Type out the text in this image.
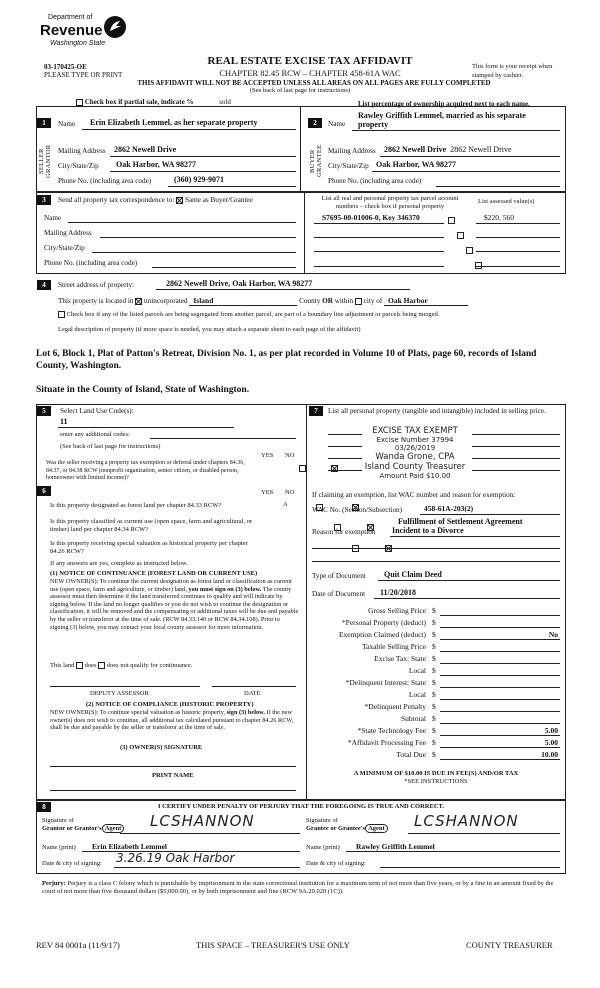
Department of
Revenue
Washington State
03-170425-OE
PLEASE TYPE OR PRINT
REAL ESTATE EXCISE TAX AFFIDAVIT
CHAPTER 82.45 RCW – CHAPTER 458-61A WAC
THIS AFFIDAVIT WILL NOT BE ACCEPTED UNLESS ALL AREAS ON ALL PAGES ARE FULLY COMPLETED
(See back of last page for instructions)
This form is your receipt when stamped by cashier.
Check box if partial sale, indicate %	sold	List percentage of ownership acquired next to each name.
1
SELLER GRANTOR
Name	Erin Elizabeth Lemmel, as her separate property
Mailing Address	2862 Newell Drive
City/State/Zip	Oak Harbor, WA 98277
Phone No. (including area code)	(360) 929-9071
2
BUYER GRANTEE
Name
Rawley Griffith Lemmel, married as his separate
property
Mailing Address	2862 Newell Drive 2862 Newell Drive
City/State/Zip Oak Harbor, WA 98277
Phone No. (including area code)
3	Send all property tax correspondence to: Same as Buyer/Grantee
Name
Mailing Address
City/State/Zip
Phone No. (including area code)
List all real and personal property tax parcel account numbers – check box if personal property
List assessed value(s)
S7695-00-01006-0, Key 346370
	$220, 560

4	Street address of property:	2862 Newell Drive, Oak Harbor, WA 98277
This property is located in unincorporated Island	County OR within city of Oak Harbor
Check box if any of the listed parcels are being segregated from another parcel, are part of a boundary line adjustment or parcels being merged.
Legal description of property (if more space is needed, you may attach a separate sheet to each page of the affidavit)
Lot 6, Block 1, Plat of Patton's Retreat, Division No. 1, as per plat recorded in Volume 10 of Plats, page 60, records of Island County, Washington.
Situate in the County of Island, State of Washington.
5	Select Land Use Code(s):
11
enter any additional codes:
(See back of last page for instructions)
YES NO
Was the seller receiving a property tax exemption or deferral under chapters 84.36, 84.37, or 84.38 RCW (nonprofit organization, senior citizen, or disabled person, homeowner with limited income)?

6	YES NO
Is this property designated as forest land per chapter 84.33 RCW?
	A

Is this property classified as current use (open space, farm and agricultural, or timber) land per chapter 84.34 RCW?

Is this property receiving special valuation as historical property per chapter 84.26 RCW?

If any answers are yes, complete as instructed below.
(1) NOTICE OF CONTINUANCE (FOREST LAND OR CURRENT USE)
NEW OWNER(S): To continue the current designation as forest land or classification as current use (open space, farm and agriculture, or timber) land, you must sign on (3) below. The county assessor must then determine if the land transferred continues to qualify and will indicate by signing below. If the land no longer qualifies or you do not wish to continue the designation or classification, it will be removed and the compensating or additional taxes will be due and payable by the seller or transferor at the time of sale. (RCW 84.33.140 or RCW 84.34.108). Prior to signing (3) below, you may contact your local county assessor for more information.
This land does does not qualify for continuance.
DEPUTY ASSESSOR	DATE
(2) NOTICE OF COMPLIANCE (HISTORIC PROPERTY)
NEW OWNER(S): To continue special valuation as historic property, sign (3) below. If the new owner(s) does not wish to continue, all additional tax calculated pursuant to chapter 84.26 RCW, shall be due and payable by the seller or transferor at the time of sale.
(3) OWNER(S) SIGNATURE
PRINT NAME
7	List all personal property (tangible and intangible) included in selling price.
EXCISE TAX EXEMPT
Excise Number 37994
03/26/2019
Wanda Grone, CPA
Island County Treasurer
Amount Paid $10.00
If claiming an exemption, list WAC number and reason for exemption:
WAC No. (Section/Subsection)	458-61A-203(2)
Fulfillment of Settlement Agreement
Reason for exemption Incident to a Divorce
Type of Document	Quit Claim Deed
Date of Document	11/20/2018
Gross Selling Price $
*Personal Property (deduct) $
Exemption Claimed (deduct) $	No
Taxable Selling Price $
Excise Tax: State $
Local $
*Delinquent Interest: State $
Local $
*Delinquent Penalty $
Subtotal $
*State Technology Fee $	5.00
*Affidavit Processing Fee $	5.00
Total Due $	10.00
A MINIMUM OF $10.00 IS DUE IN FEE(S) AND/OR TAX
*SEE INSTRUCTIONS
8	I CERTIFY UNDER PENALTY OF PERJURY THAT THE FOREGOING IS TRUE AND CORRECT.
Signature of
Grantor or Grantor's Agent LCSHANNON	Signature of
Grantee or Grantee's Agent LCSHANNON
Name (print)	Erin Elizabeth Lemmel	Name (print)	Rawley Griffith Lemmel
Date & city of signing: 3.26.19 Oak Harbor	Date & city of signing:
Perjury: Perjury is a class C felony which is punishable by imprisonment in the state correctional institution for a maximum term of not more than five years, or by a fine in an amount fixed by the court of not more than five thousand dollars ($5,000.00), or by both imprisonment and fine (RCW 9A.20.020 (1C)).
REV 84 0001a (11/9/17)	THIS SPACE – TREASURER'S USE ONLY	COUNTY TREASURER
